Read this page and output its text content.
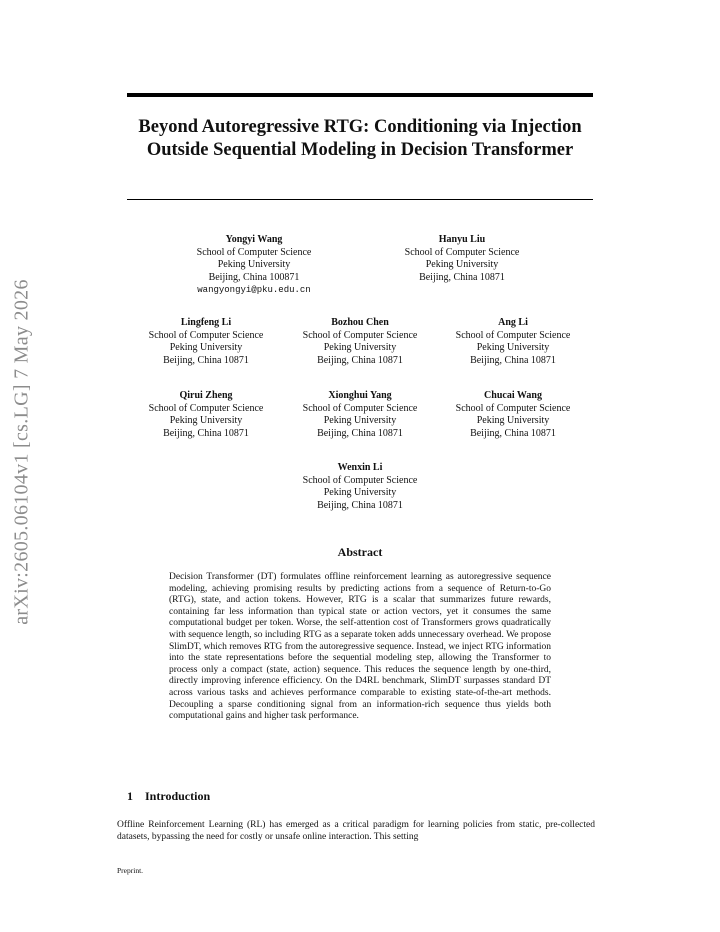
arXiv:2605.06104v1 [cs.LG] 7 May 2026
Beyond Autoregressive RTG: Conditioning via Injection Outside Sequential Modeling in Decision Transformer
Yongyi Wang
School of Computer Science
Peking University
Beijing, China 100871
wangyongyi@pku.edu.cn
Hanyu Liu
School of Computer Science
Peking University
Beijing, China 10871
Lingfeng Li
School of Computer Science
Peking University
Beijing, China 10871
Bozhou Chen
School of Computer Science
Peking University
Beijing, China 10871
Ang Li
School of Computer Science
Peking University
Beijing, China 10871
Qirui Zheng
School of Computer Science
Peking University
Beijing, China 10871
Xionghui Yang
School of Computer Science
Peking University
Beijing, China 10871
Chucai Wang
School of Computer Science
Peking University
Beijing, China 10871
Wenxin Li
School of Computer Science
Peking University
Beijing, China 10871
Abstract

Decision Transformer (DT) formulates offline reinforcement learning as autoregressive sequence modeling, achieving promising results by predicting actions from a sequence of Return-to-Go (RTG), state, and action tokens. However, RTG is a scalar that summarizes future rewards, containing far less information than typical state or action vectors, yet it consumes the same computational budget per token. Worse, the self-attention cost of Transformers grows quadratically with sequence length, so including RTG as a separate token adds unnecessary overhead. We propose SlimDT, which removes RTG from the autoregressive sequence. Instead, we inject RTG information into the state representations before the sequential modeling step, allowing the Transformer to process only a compact (state, action) sequence. This reduces the sequence length by one-third, directly improving inference efficiency. On the D4RL benchmark, SlimDT surpasses standard DT across various tasks and achieves performance comparable to existing state-of-the-art methods. Decoupling a sparse conditioning signal from an information-rich sequence thus yields both computational gains and higher task performance.

1 Introduction

Offline Reinforcement Learning (RL) has emerged as a critical paradigm for learning policies from static, pre-collected datasets, bypassing the need for costly or unsafe online interaction. This setting

Preprint.
